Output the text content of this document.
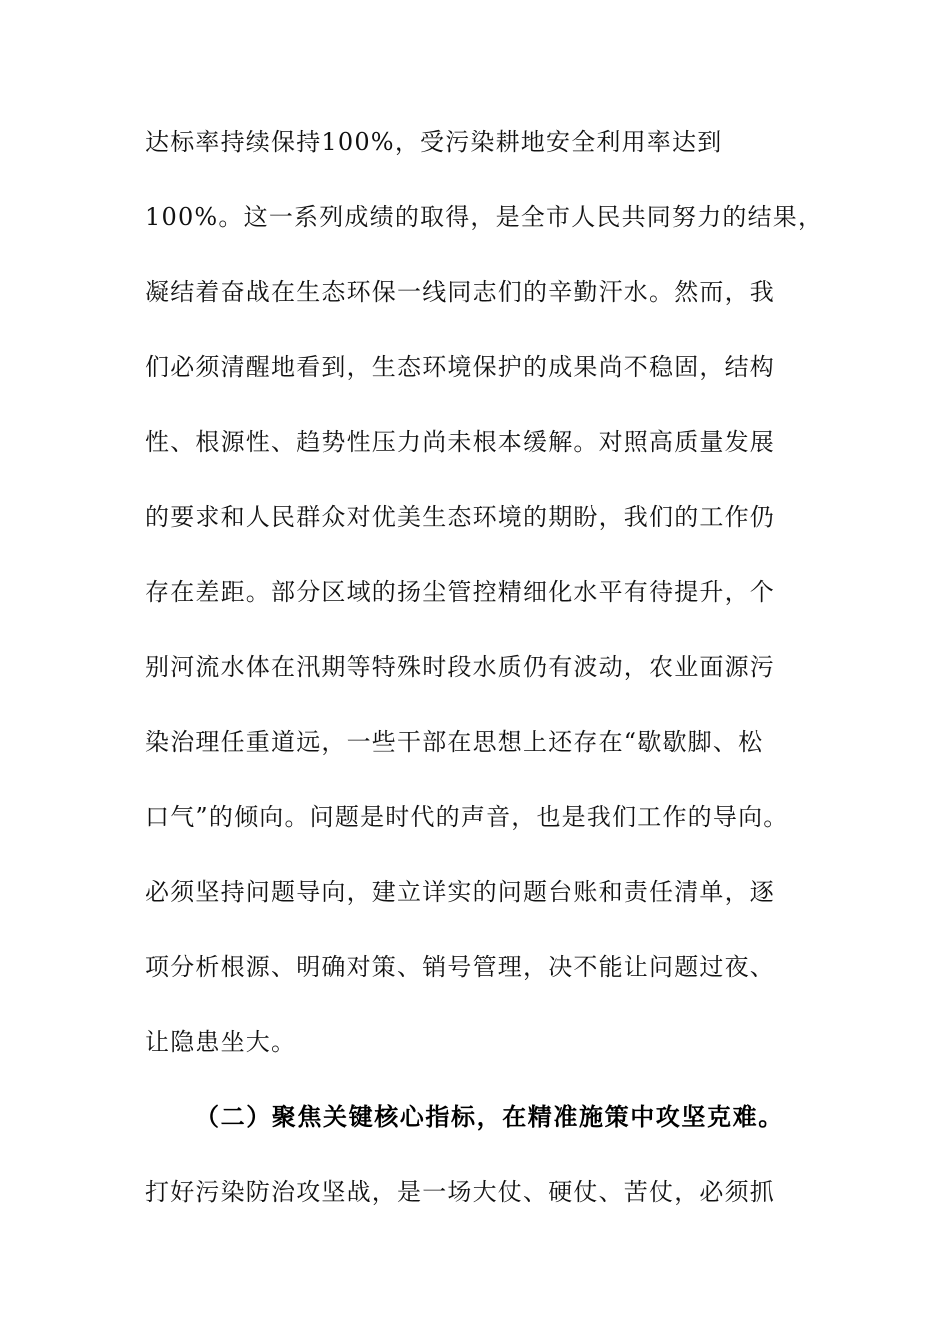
达标率持续保持100%，受污染耕地安全利用率达到
100%。这一系列成绩的取得，是全市人民共同努力的结果，
凝结着奋战在生态环保一线同志们的辛勤汗水。然而，我
们必须清醒地看到，生态环境保护的成果尚不稳固，结构
性、根源性、趋势性压力尚未根本缓解。对照高质量发展
的要求和人民群众对优美生态环境的期盼，我们的工作仍
存在差距。部分区域的扬尘管控精细化水平有待提升，个
别河流水体在汛期等特殊时段水质仍有波动，农业面源污
染治理任重道远，一些干部在思想上还存在“歇歇脚、松
口气”的倾向。问题是时代的声音，也是我们工作的导向。
必须坚持问题导向，建立详实的问题台账和责任清单，逐
项分析根源、明确对策、销号管理，决不能让问题过夜、
让隐患坐大。
（二）聚焦关键核心指标，在精准施策中攻坚克难。
打好污染防治攻坚战，是一场大仗、硬仗、苦仗，必须抓
